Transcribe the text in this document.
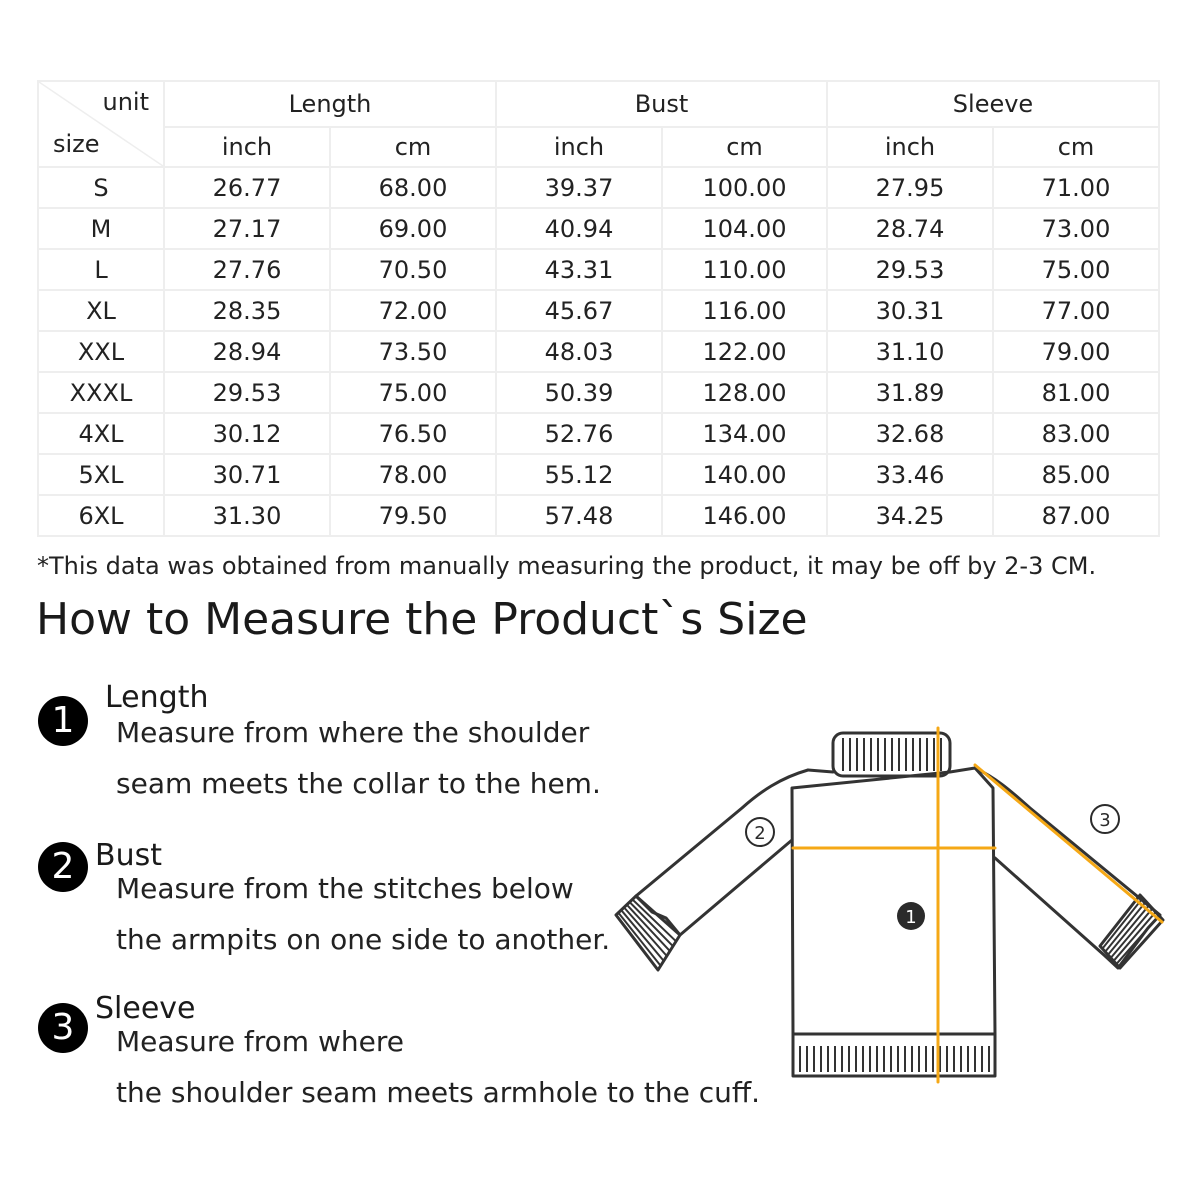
unit
size	Length		Bust		Sleeve	
	inch	cm	inch	cm	inch	cm
S	26.77	68.00	39.37	100.00	27.95	71.00
M	27.17	69.00	40.94	104.00	28.74	73.00
L	27.76	70.50	43.31	110.00	29.53	75.00
XL	28.35	72.00	45.67	116.00	30.31	77.00
XXL	28.94	73.50	48.03	122.00	31.10	79.00
XXXL	29.53	75.00	50.39	128.00	31.89	81.00
4XL	30.12	76.50	52.76	134.00	32.68	83.00
5XL	30.71	78.00	55.12	140.00	33.46	85.00
6XL	31.30	79.50	57.48	146.00	34.25	87.00

*This data was obtained from manually measuring the product, it may be off by 2-3 CM.

How to Measure the Product`s Size
1
Length
Measure from where the shoulder
seam meets the collar to the hem.
2 Bust
Measure from the stitches below
the armpits on one side to another.
3 Sleeve
Measure from where
the shoulder seam meets armhole to the cuff.
1
2
3
